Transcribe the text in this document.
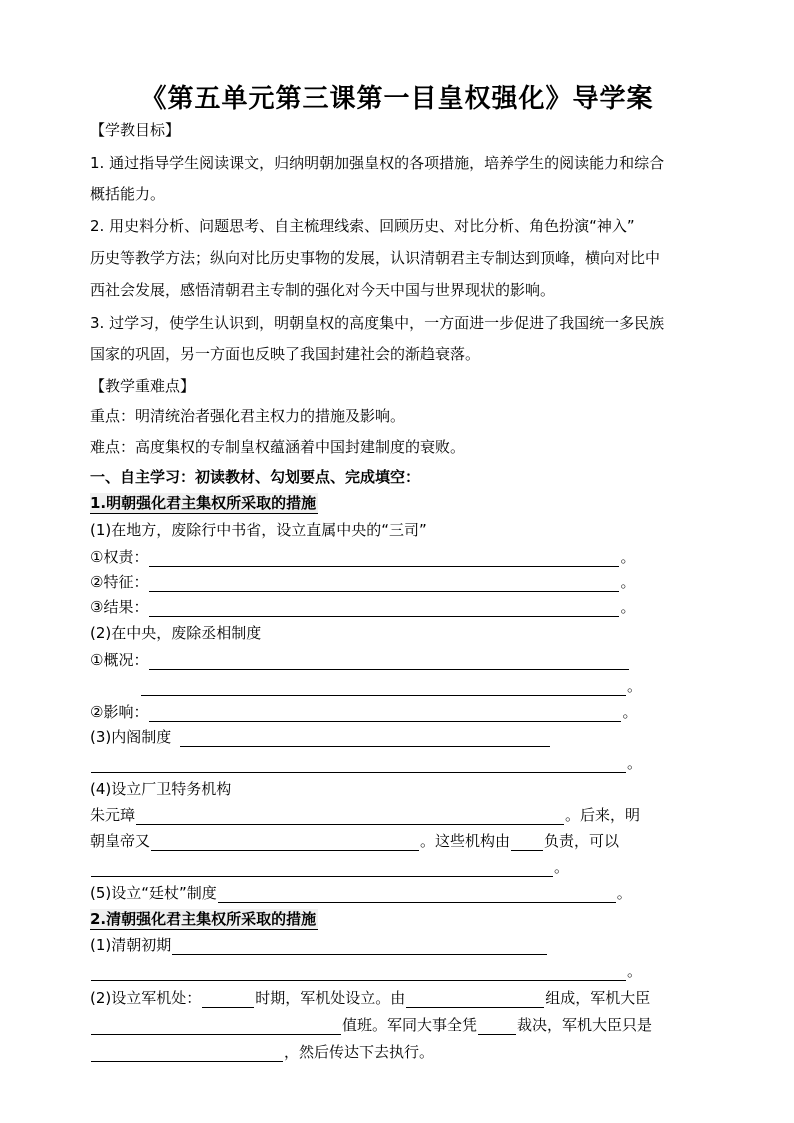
《第五单元第三课第一目皇权强化》导学案
【学教目标】
1. 通过指导学生阅读课文，归纳明朝加强皇权的各项措施，培养学生的阅读能力和综合
概括能力。
2. 用史料分析、问题思考、自主梳理线索、回顾历史、对比分析、角色扮演“神入”
历史等教学方法；纵向对比历史事物的发展，认识清朝君主专制达到顶峰，横向对比中
西社会发展，感悟清朝君主专制的强化对今天中国与世界现状的影响。
3. 过学习，使学生认识到，明朝皇权的高度集中，一方面进一步促进了我国统一多民族
国家的巩固，另一方面也反映了我国封建社会的渐趋衰落。
【教学重难点】
重点：明清统治者强化君主权力的措施及影响。
难点：高度集权的专制皇权蕴涵着中国封建制度的衰败。
一、自主学习：初读教材、勾划要点、完成填空：
1.明朝强化君主集权所采取的措施
(1)在地方，废除行中书省，设立直属中央的“三司”
①权责：	。
②特征：	。
③结果：	。
(2)在中央，废除丞相制度
①概况：
。
②影响：	。
(3)内阁制度
。
(4)设立厂卫特务机构
朱元璋	。后来，明
朝皇帝又	。这些机构由 负责，可以
。
(5)设立“廷杖”制度	。
2.清朝强化君主集权所采取的措施
(1)清朝初期
。
(2)设立军机处：	时期，军机处设立。由	组成，军机大臣
值班。军同大事全凭	裁决，军机大臣只是
，然后传达下去执行。
